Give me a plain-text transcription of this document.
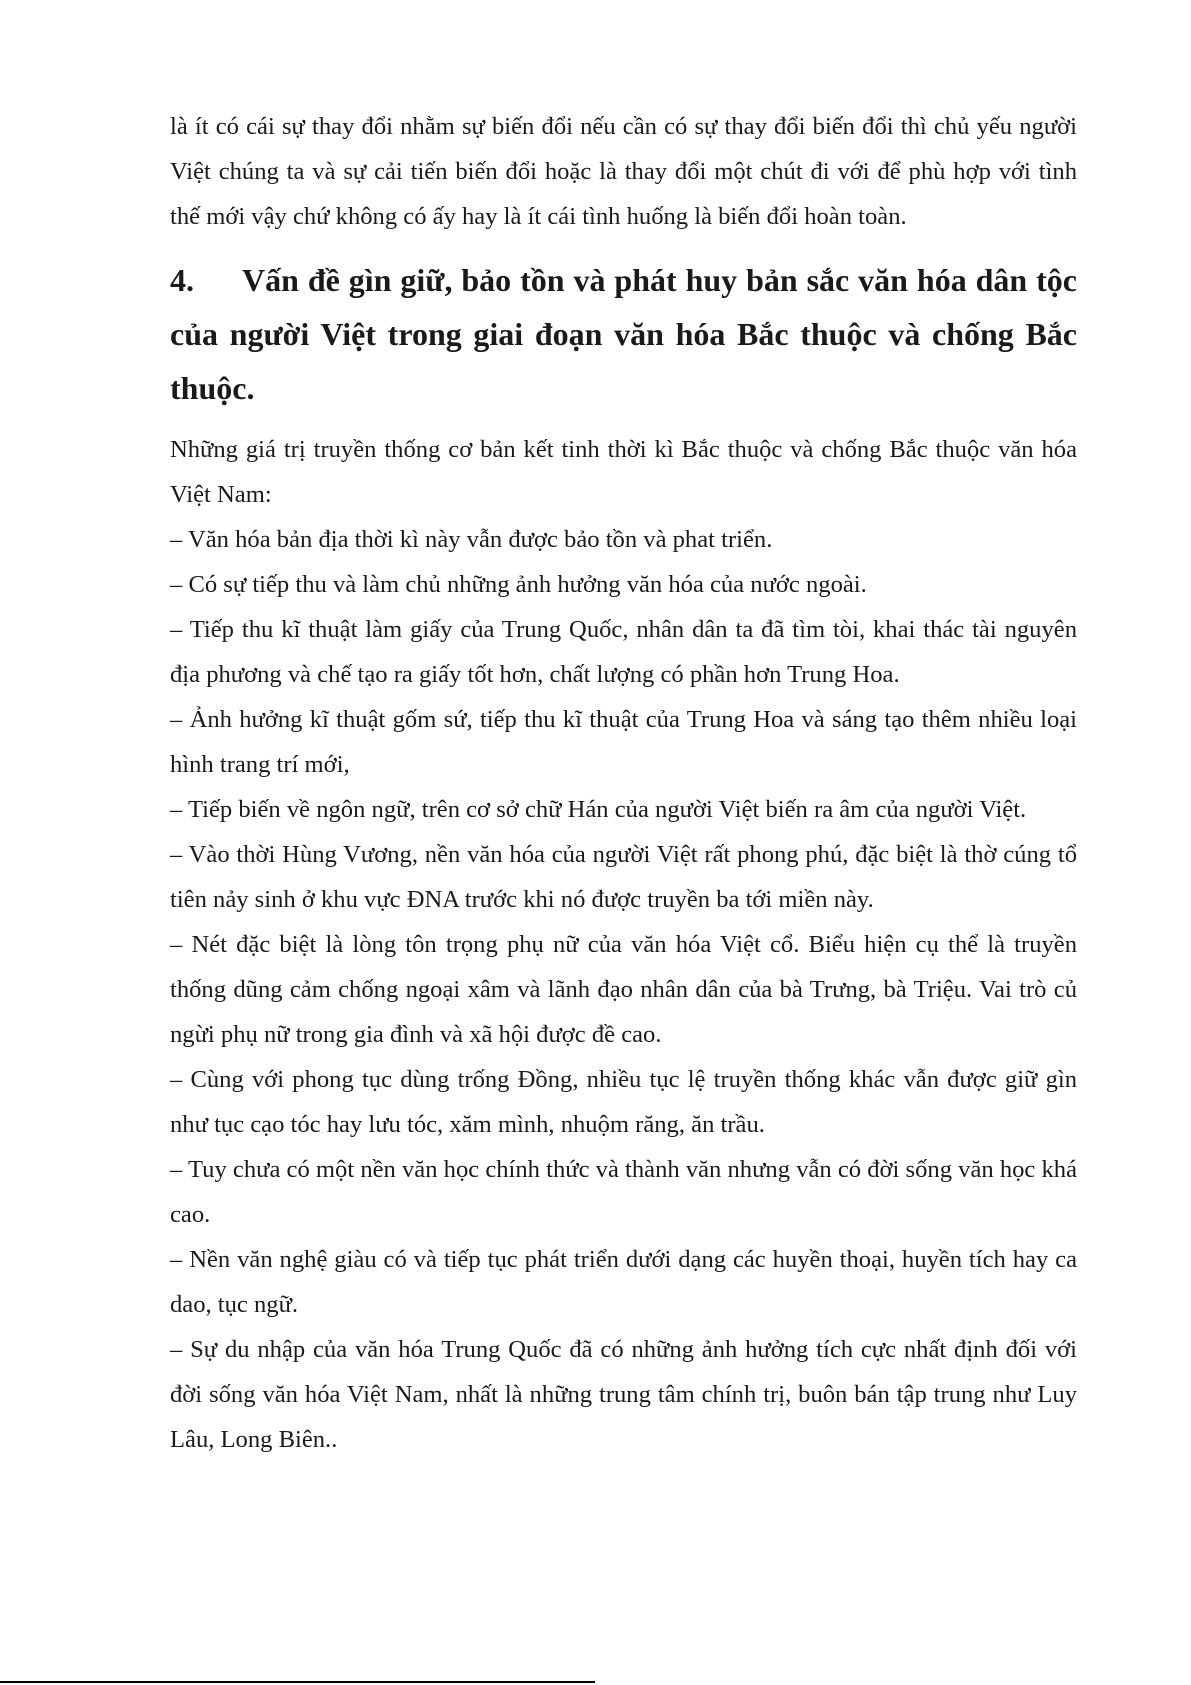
là ít có cái sự thay đổi nhằm sự biến đổi nếu cần có sự thay đổi biến đổi thì chủ yếu người Việt chúng ta và sự cải tiến biến đổi hoặc là thay đổi một chút đi với để phù hợp với tình thế mới vậy chứ không có ấy hay là ít cái tình huống là biến đổi hoàn toàn.

4. Vấn đề gìn giữ, bảo tồn và phát huy bản sắc văn hóa dân tộc của người Việt trong giai đoạn văn hóa Bắc thuộc và chống Bắc thuộc.

Những giá trị truyền thống cơ bản kết tinh thời kì Bắc thuộc và chống Bắc thuộc văn hóa Việt Nam:

– Văn hóa bản địa thời kì này vẫn được bảo tồn và phat triển.

– Có sự tiếp thu và làm chủ những ảnh hưởng văn hóa của nước ngoài.

– Tiếp thu kĩ thuật làm giấy của Trung Quốc, nhân dân ta đã tìm tòi, khai thác tài nguyên địa phương và chế tạo ra giấy tốt hơn, chất lượng có phần hơn Trung Hoa.

– Ảnh hưởng kĩ thuật gốm sứ, tiếp thu kĩ thuật của Trung Hoa và sáng tạo thêm nhiều loại hình trang trí mới,

– Tiếp biến về ngôn ngữ, trên cơ sở chữ Hán của người Việt biến ra âm của người Việt.

– Vào thời Hùng Vương, nền văn hóa của người Việt rất phong phú, đặc biệt là thờ cúng tổ tiên nảy sinh ở khu vực ĐNA trước khi nó được truyền ba tới miền này.

– Nét đặc biệt là lòng tôn trọng phụ nữ của văn hóa Việt cổ. Biểu hiện cụ thể là truyền thống dũng cảm chống ngoại xâm và lãnh đạo nhân dân của bà Trưng, bà Triệu. Vai trò củ ngừi phụ nữ trong gia đình và xã hội được đề cao.

– Cùng với phong tục dùng trống Đồng, nhiều tục lệ truyền thống khác vẫn được giữ gìn như tục cạo tóc hay lưu tóc, xăm mình, nhuộm răng, ăn trầu.

– Tuy chưa có một nền văn học chính thức và thành văn nhưng vẫn có đời sống văn học khá cao.

– Nền văn nghệ giàu có và tiếp tục phát triển dưới dạng các huyền thoại, huyền tích hay ca dao, tục ngữ.

– Sự du nhập của văn hóa Trung Quốc đã có những ảnh hưởng tích cực nhất định đối với đời sống văn hóa Việt Nam, nhất là những trung tâm chính trị, buôn bán tập trung như Luy Lâu, Long Biên..
